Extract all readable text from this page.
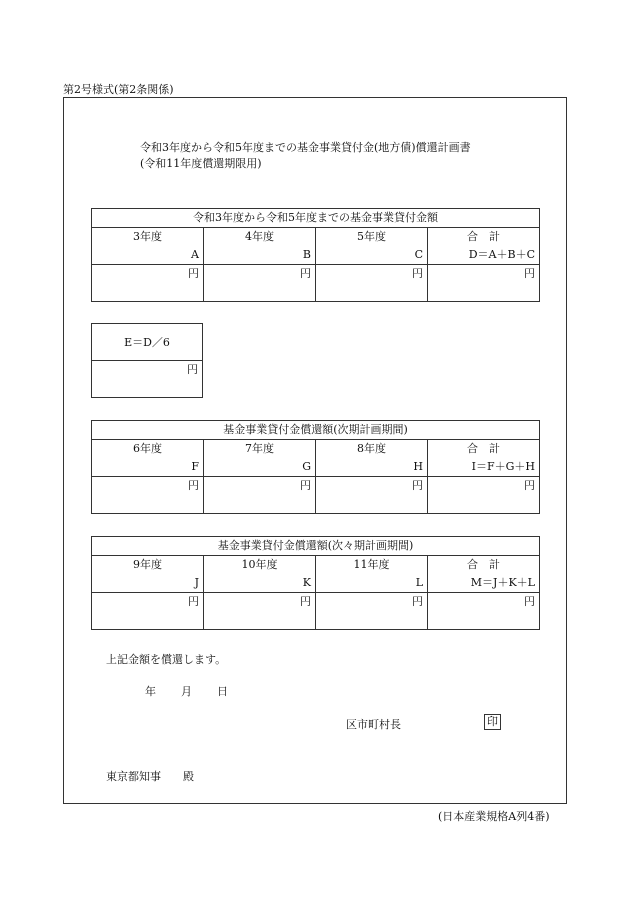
第2号様式(第2条関係)
令和3年度から令和5年度までの基金事業貸付金(地方債)償還計画書
(令和11年度償還期限用)
令和3年度から令和5年度までの基金事業貸付金額			
3年度	4年度	5年度	合　計
A	B	C	D＝A＋B＋C
円	円	円	円
E＝D／6
円
基金事業貸付金償還額(次期計画期間)			
6年度	7年度	8年度	合　計
F	G	H	I＝F＋G＋H
円	円	円	円
基金事業貸付金償還額(次々期計画期間)			
9年度	10年度	11年度	合　計
J	K	L	M＝J＋K＋L
円	円	円	円
上記金額を償還します。
年 月 日
区市町村長	印
東京都知事　　殿
(日本産業規格A列4番)
